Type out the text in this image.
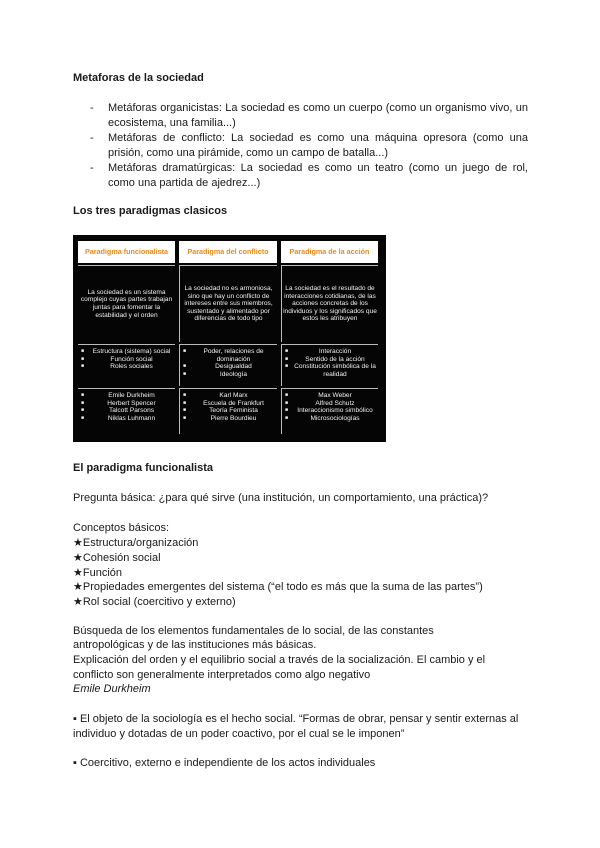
Metaforas de la sociedad
- Metáforas organicistas: La sociedad es como un cuerpo (como un organismo vivo, un ecosistema, una familia...)
- Metáforas de conflicto: La sociedad es como una máquina opresora (como una prisión, como una pirámide, como un campo de batalla...)
- Metáforas dramatúrgicas: La sociedad es como un teatro (como un juego de rol, como una partida de ajedrez...)
Los tres paradigmas clasicos
Paradigma funcionalista	Paradigma del conflicto	Paradigma de la acción
La sociedad es un sistema complejo cuyas partes trabajan juntas para fomentar la estabilidad y el orden
La sociedad no es armoniosa, sino que hay un conflicto de intereses entre sus miembros, sustentado y alimentado por diferencias de todo tipo
La sociedad es el resultado de interacciones cotidianas, de las acciones concretas de los individuos y los significados que estos les atribuyen
■ Estructura (sistema) social
■ Función social
■ Roles sociales
■ Poder, relaciones de dominación
■ Desigualdad
■ Ideología
■ Interacción
■ Sentido de la acción
■ Constitución simbólica de la realidad
■ Emile Durkheim
■ Herbert Spencer
■ Talcott Parsons
■ Niklas Luhmann
■ Karl Marx
■ Escuela de Frankfurt
■ Teoría Feminista
■ Pierre Bourdieu
■ Max Weber
■ Alfred Schutz
■ Interaccionismo simbólico
■ Microsociologías
El paradigma funcionalista
Pregunta básica: ¿para qué sirve (una institución, un comportamiento, una práctica)?
Conceptos básicos:
★Estructura/organización
★Cohesión social
★Función
★Propiedades emergentes del sistema (“el todo es más que la suma de las partes”)
★Rol social (coercitivo y externo)
Búsqueda de los elementos fundamentales de lo social, de las constantes
antropológicas y de las instituciones más básicas.
Explicación del orden y el equilibrio social a través de la socialización. El cambio y el
conflicto son generalmente interpretados como algo negativo
Emile Durkheim
▪ El objeto de la sociología es el hecho social. “Formas de obrar, pensar y sentir externas al
individuo y dotadas de un poder coactivo, por el cual se le imponen”
▪ Coercitivo, externo e independiente de los actos individuales
